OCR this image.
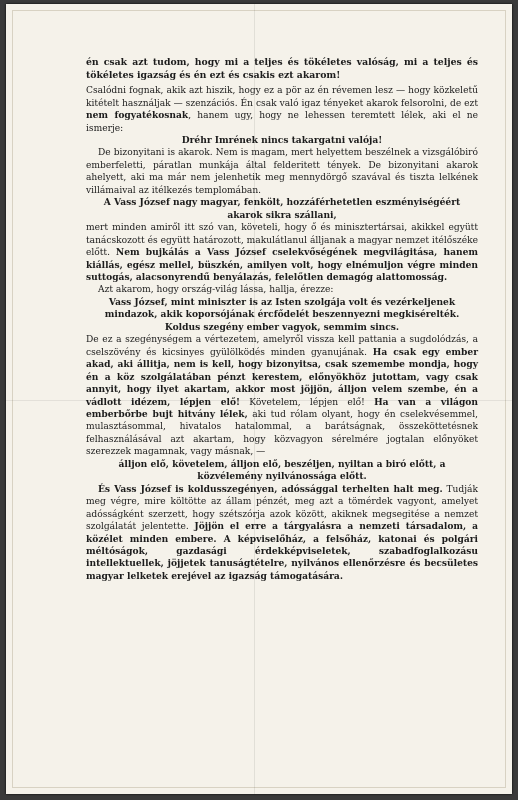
én csak azt tudom, hogy mi a teljes és tökéletes valóság, mi a teljes és tökéletes igazság és én ezt és csakis ezt akarom!

Csalódni fognak, akik azt hiszik, hogy ez a pör az én révemen lesz — hogy közkeletű kitételt használjak — szenzációs. Én csak való igaz tényeket akarok felsorolni, de ezt nem fogyatékosnak, hanem ugy, hogy ne lehessen teremtett lélek, aki el ne ismerje:

Dréhr Imrének nincs takargatni valója!

De bizonyitani is akarok. Nem is magam, mert helyettem beszélnek a vizsgálóbiró emberfeletti, páratlan munkája által felderitett tények. De bizonyitani akarok ahelyett, aki ma már nem jelenhetik meg mennydörgő szavával és tiszta lelkének villámaival az itélkezés templomában.

A Vass József nagy magyar, fenkölt, hozzáférhetetlen eszményiségéért akarok sikra szállani,

mert minden amiről itt szó van, követeli, hogy ő és minisztertársai, akikkel együtt tanácskozott és együtt határozott, makulátlanul álljanak a magyar nemzet itélőszéke előtt. Nem bujkálás a Vass József cselekvőségének megvilágitása, hanem kiállás, egész mellel, büszkén, amilyen volt, hogy elnémuljon végre minden suttogás, alacsonyrendű benyálazás, felelőtlen demagóg alattomosság.

Azt akarom, hogy ország-világ lássa, hallja, érezze:

Vass József, mint miniszter is az Isten szolgája volt és vezérkeljenek mindazok, akik koporsójának ércfődelét beszennyezni megkisérelték.

Koldus szegény ember vagyok, semmim sincs.

De ez a szegénységem a vértezetem, amelyről vissza kell pattania a sugdolódzás, a cselszövény és kicsinyes gyülölködés minden gyanujának. Ha csak egy ember akad, aki állitja, nem is kell, hogy bizonyitsa, csak szemembe mondja, hogy én a köz szolgálatában pénzt kerestem, előnyökhöz jutottam, vagy csak annyit, hogy ilyet akartam, akkor most jöjjön, álljon velem szembe, én a vádlott idézem, lépjen elő! Követelem, lépjen elő! Ha van a világon emberbőrbe bujt hitvány lélek, aki tud rólam olyant, hogy én cselekvésemmel, mulasztásommal, hivatalos hatalommal, a barátságnak, összeköttetésnek felhasználásával azt akartam, hogy közvagyon sérelmére jogtalan előnyöket szerezzek magamnak, vagy másnak, —

álljon elő, követelem, álljon elő, beszéljen, nyiltan a biró előtt, a közvélemény nyilvánossága előtt.

És Vass József is koldusszegényen, adóssággal terhelten halt meg. Tudják meg végre, mire költötte az állam pénzét, meg azt a tömérdek vagyont, amelyet adósságként szerzett, hogy szétszórja azok között, akiknek megsegitése a nemzet szolgálatát jelentette. Jöjjön el erre a tárgyalásra a nemzeti társadalom, a közélet minden embere. A képviselőház, a felsőház, katonai és polgári méltóságok, gazdasági érdekképviseletek, szabadfoglalkozásu intellektuellek, jöjjetek tanuságtételre, nyilvános ellenőrzésre és becsületes magyar lelketek erejével az igazság támogatására.
